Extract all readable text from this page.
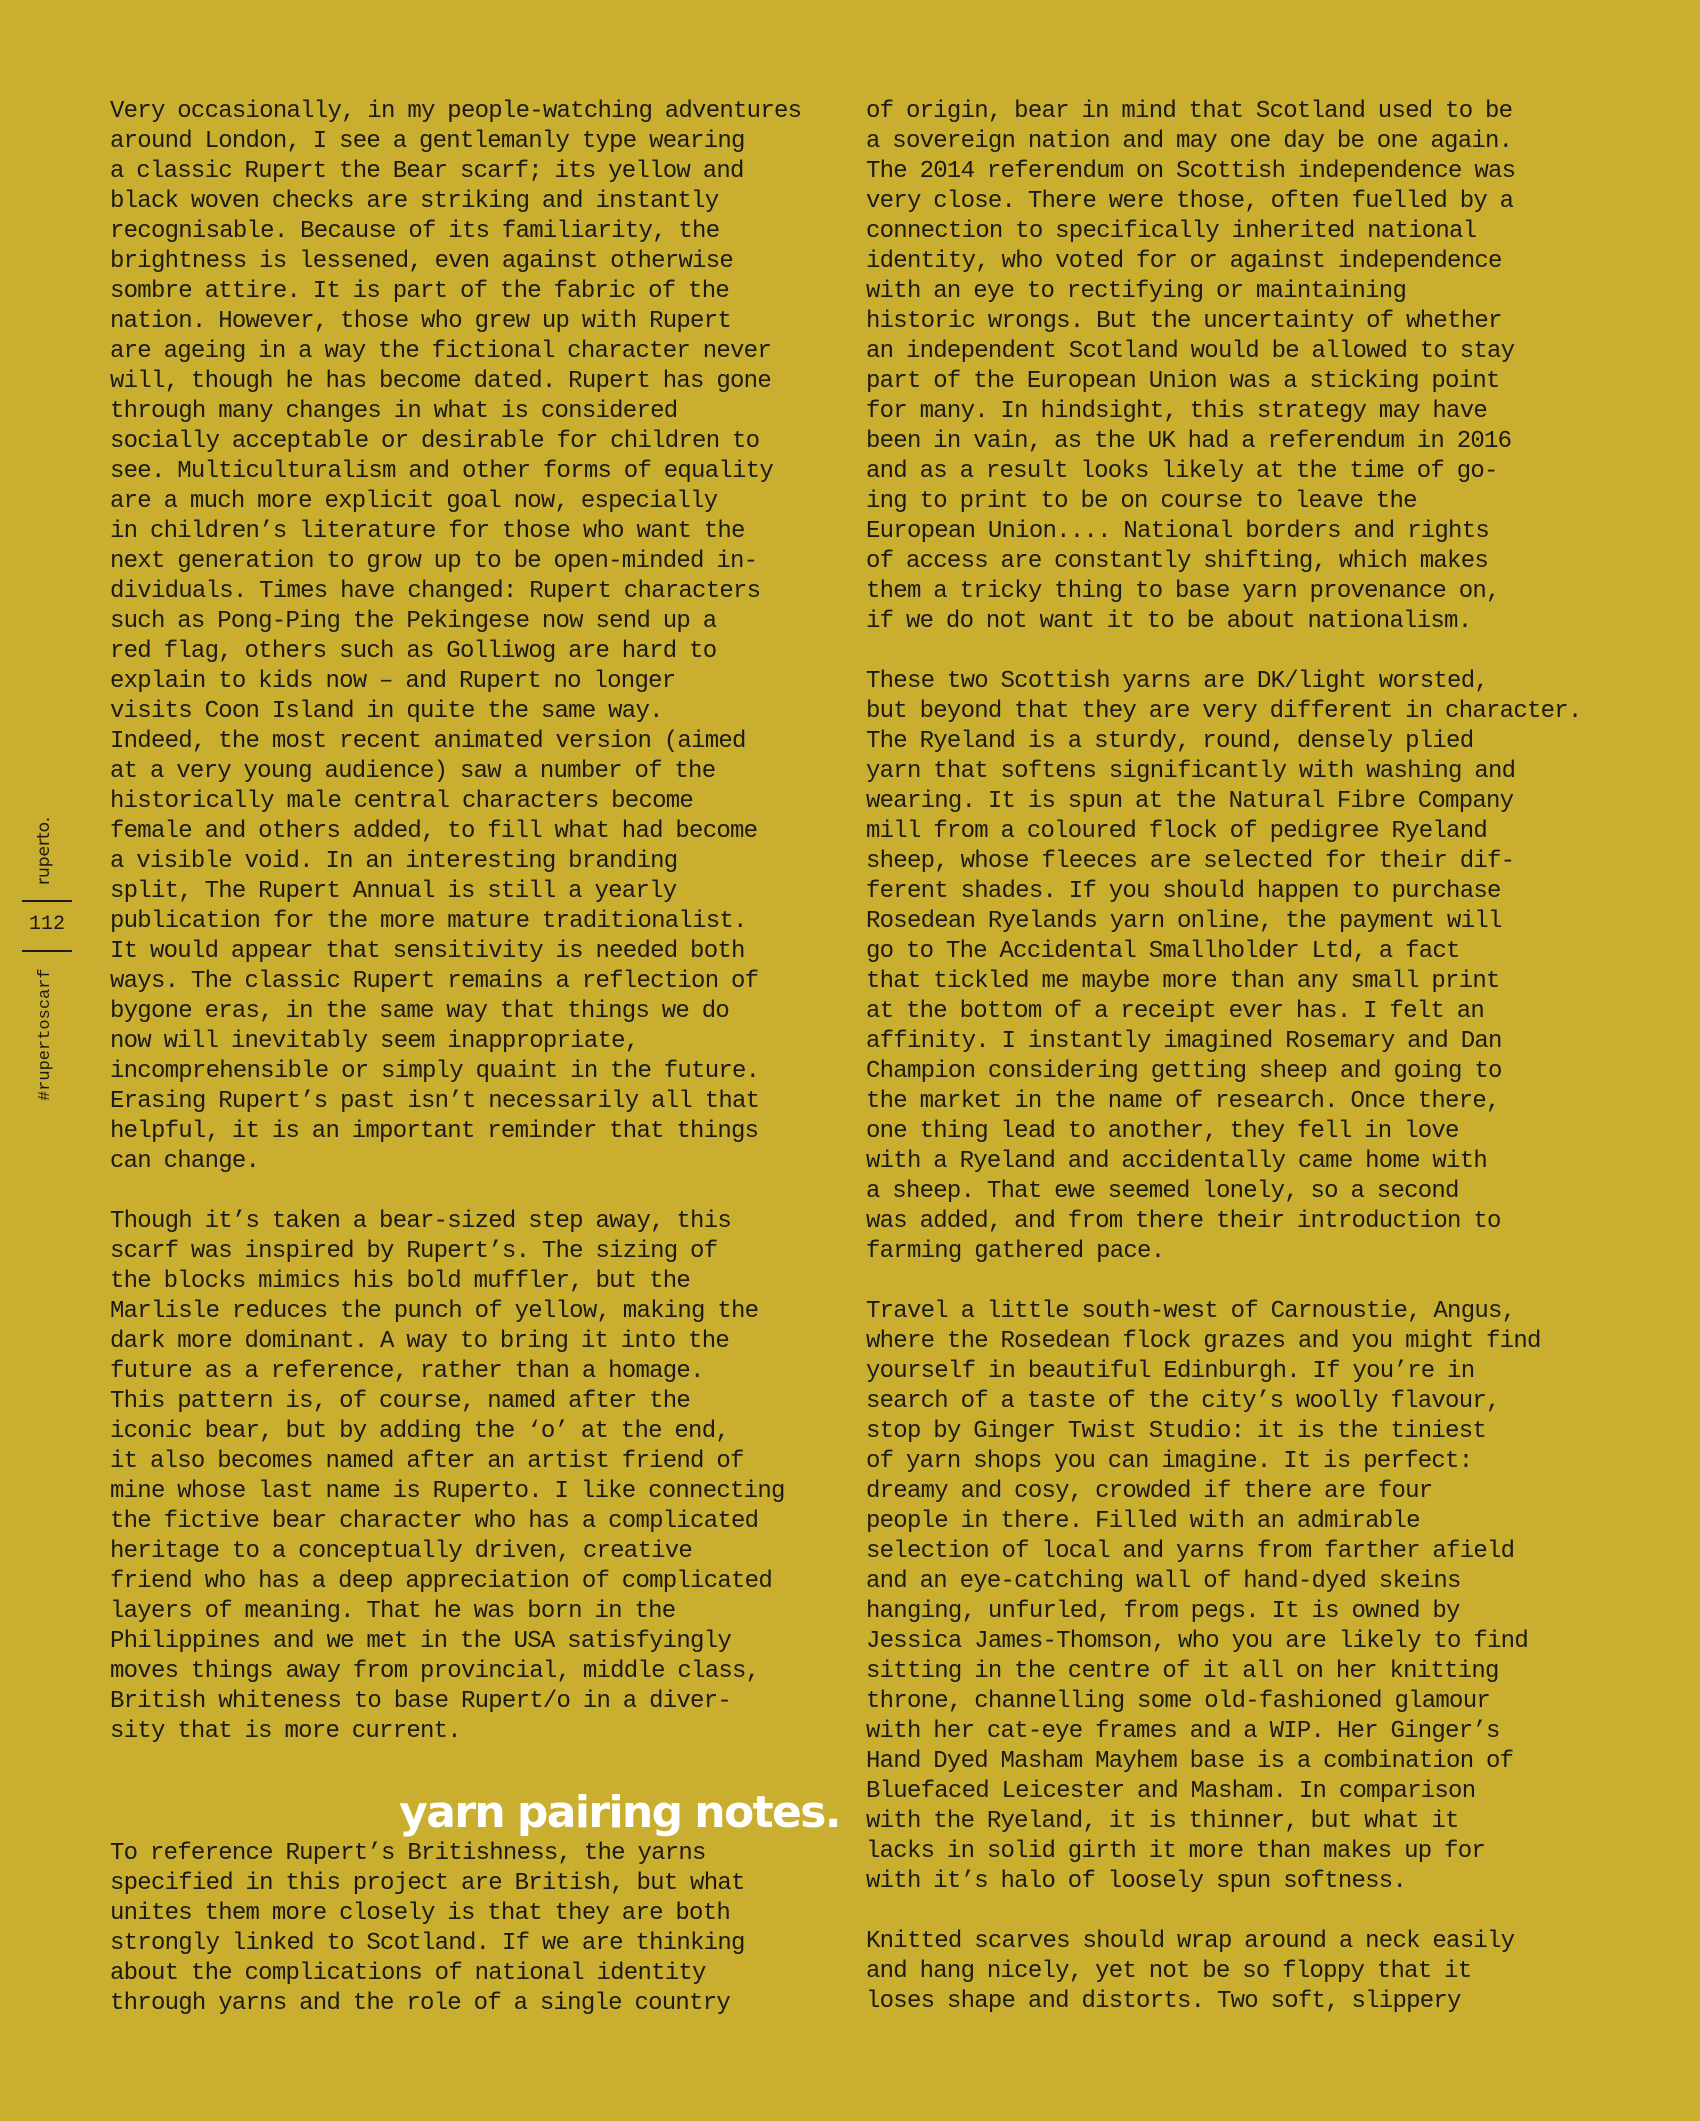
ruperto.
112
#rupertoscarf

Very occasionally, in my people-watching adventures
around London, I see a gentlemanly type wearing
a classic Rupert the Bear scarf; its yellow and
black woven checks are striking and instantly
recognisable. Because of its familiarity, the
brightness is lessened, even against otherwise
sombre attire. It is part of the fabric of the
nation. However, those who grew up with Rupert
are ageing in a way the fictional character never
will, though he has become dated. Rupert has gone
through many changes in what is considered
socially acceptable or desirable for children to
see. Multiculturalism and other forms of equality
are a much more explicit goal now, especially
in children’s literature for those who want the
next generation to grow up to be open-minded in-
dividuals. Times have changed: Rupert characters
such as Pong-Ping the Pekingese now send up a
red flag, others such as Golliwog are hard to
explain to kids now – and Rupert no longer
visits Coon Island in quite the same way.
Indeed, the most recent animated version (aimed
at a very young audience) saw a number of the
historically male central characters become
female and others added, to fill what had become
a visible void. In an interesting branding
split, The Rupert Annual is still a yearly
publication for the more mature traditionalist.
It would appear that sensitivity is needed both
ways. The classic Rupert remains a reflection of
bygone eras, in the same way that things we do
now will inevitably seem inappropriate,
incomprehensible or simply quaint in the future.
Erasing Rupert’s past isn’t necessarily all that
helpful, it is an important reminder that things
can change.

Though it’s taken a bear-sized step away, this
scarf was inspired by Rupert’s. The sizing of
the blocks mimics his bold muffler, but the
Marlisle reduces the punch of yellow, making the
dark more dominant. A way to bring it into the
future as a reference, rather than a homage.
This pattern is, of course, named after the
iconic bear, but by adding the ‘o’ at the end,
it also becomes named after an artist friend of
mine whose last name is Ruperto. I like connecting
the fictive bear character who has a complicated
heritage to a conceptually driven, creative
friend who has a deep appreciation of complicated
layers of meaning. That he was born in the
Philippines and we met in the USA satisfyingly
moves things away from provincial, middle class,
British whiteness to base Rupert/o in a diver-
sity that is more current.

yarn pairing notes.

To reference Rupert’s Britishness, the yarns
specified in this project are British, but what
unites them more closely is that they are both
strongly linked to Scotland. If we are thinking
about the complications of national identity
through yarns and the role of a single country

of origin, bear in mind that Scotland used to be
a sovereign nation and may one day be one again.
The 2014 referendum on Scottish independence was
very close. There were those, often fuelled by a
connection to specifically inherited national
identity, who voted for or against independence
with an eye to rectifying or maintaining
historic wrongs. But the uncertainty of whether
an independent Scotland would be allowed to stay
part of the European Union was a sticking point
for many. In hindsight, this strategy may have
been in vain, as the UK had a referendum in 2016
and as a result looks likely at the time of go-
ing to print to be on course to leave the
European Union.... National borders and rights
of access are constantly shifting, which makes
them a tricky thing to base yarn provenance on,
if we do not want it to be about nationalism.

These two Scottish yarns are DK/light worsted,
but beyond that they are very different in character.
The Ryeland is a sturdy, round, densely plied
yarn that softens significantly with washing and
wearing. It is spun at the Natural Fibre Company
mill from a coloured flock of pedigree Ryeland
sheep, whose fleeces are selected for their dif-
ferent shades. If you should happen to purchase
Rosedean Ryelands yarn online, the payment will
go to The Accidental Smallholder Ltd, a fact
that tickled me maybe more than any small print
at the bottom of a receipt ever has. I felt an
affinity. I instantly imagined Rosemary and Dan
Champion considering getting sheep and going to
the market in the name of research. Once there,
one thing lead to another, they fell in love
with a Ryeland and accidentally came home with
a sheep. That ewe seemed lonely, so a second
was added, and from there their introduction to
farming gathered pace.

Travel a little south-west of Carnoustie, Angus,
where the Rosedean flock grazes and you might find
yourself in beautiful Edinburgh. If you’re in
search of a taste of the city’s woolly flavour,
stop by Ginger Twist Studio: it is the tiniest
of yarn shops you can imagine. It is perfect:
dreamy and cosy, crowded if there are four
people in there. Filled with an admirable
selection of local and yarns from farther afield
and an eye-catching wall of hand-dyed skeins
hanging, unfurled, from pegs. It is owned by
Jessica James-Thomson, who you are likely to find
sitting in the centre of it all on her knitting
throne, channelling some old-fashioned glamour
with her cat-eye frames and a WIP. Her Ginger’s
Hand Dyed Masham Mayhem base is a combination of
Bluefaced Leicester and Masham. In comparison
with the Ryeland, it is thinner, but what it
lacks in solid girth it more than makes up for
with it’s halo of loosely spun softness.

Knitted scarves should wrap around a neck easily
and hang nicely, yet not be so floppy that it
loses shape and distorts. Two soft, slippery
